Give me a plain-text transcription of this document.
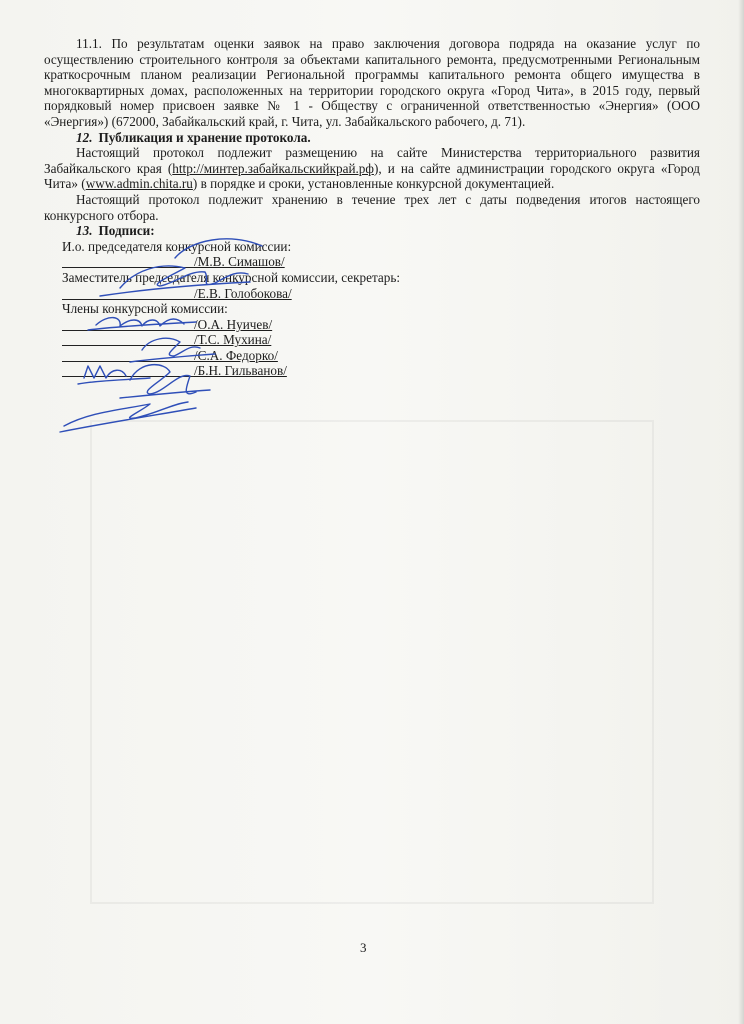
11.1. По результатам оценки заявок на право заключения договора подряда на оказание услуг по осуществлению строительного контроля за объектами капитального ремонта, предусмотренными Региональным краткосрочным планом реализации Региональной программы капитального ремонта общего имущества в многоквартирных домах, расположенных на территории городского округа «Город Чита», в 2015 году, первый порядковый номер присвоен заявке № 1 - Обществу с ограниченной ответственностью «Энергия» (ООО «Энергия») (672000, Забайкальский край, г. Чита, ул. Забайкальского рабочего, д. 71).

12. Публикация и хранение протокола.

Настоящий протокол подлежит размещению на сайте Министерства территориального развития Забайкальского края (http://минтер.забайкальскийкрай.рф), и на сайте администрации городского округа «Город Чита» (www.admin.chita.ru) в порядке и сроки, установленные конкурсной документацией.

Настоящий протокол подлежит хранению в течение трех лет с даты подведения итогов настоящего конкурсного отбора.

13. Подписи:

И.о. председателя конкурсной комиссии:
/М.В. Симашов/
Заместитель председателя конкурсной комиссии, секретарь:
/Е.В. Голобокова/
Члены конкурсной комиссии:
/О.А. Нуичев/
/Т.С. Мухина/
/С.А. Федорко/
/Б.Н. Гильванов/
3
